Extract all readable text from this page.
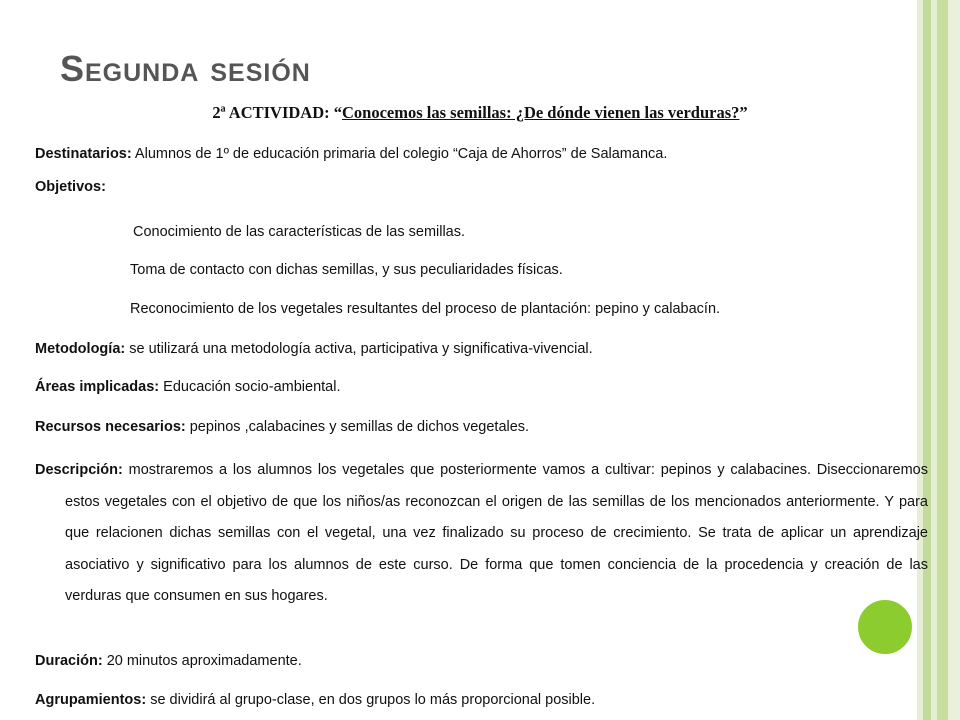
Segunda sesión
2ª ACTIVIDAD: “Conocemos las semillas: ¿De dónde vienen las verduras?”

Destinatarios: Alumnos de 1º de educación primaria del colegio “Caja de Ahorros” de Salamanca.

Objetivos:

Conocimiento de las características de las semillas.

Toma de contacto con dichas semillas, y sus peculiaridades físicas.

Reconocimiento de los vegetales resultantes del proceso de plantación: pepino y calabacín.

Metodología: se utilizará una metodología activa, participativa y significativa-vivencial.

Áreas implicadas: Educación socio-ambiental.

Recursos necesarios: pepinos ,calabacines y semillas de dichos vegetales.

Descripción: mostraremos a los alumnos los vegetales que posteriormente vamos a cultivar: pepinos y calabacines. Diseccionaremos estos vegetales con el objetivo de que los niños/as reconozcan el origen de las semillas de los mencionados anteriormente. Y para que relacionen dichas semillas con el vegetal, una vez finalizado su proceso de crecimiento. Se trata de aplicar un aprendizaje asociativo y significativo para los alumnos de este curso. De forma que tomen conciencia de la procedencia y creación de las verduras que consumen en sus hogares.

Duración: 20 minutos aproximadamente.

Agrupamientos: se dividirá al grupo-clase, en dos grupos lo más proporcional posible.
